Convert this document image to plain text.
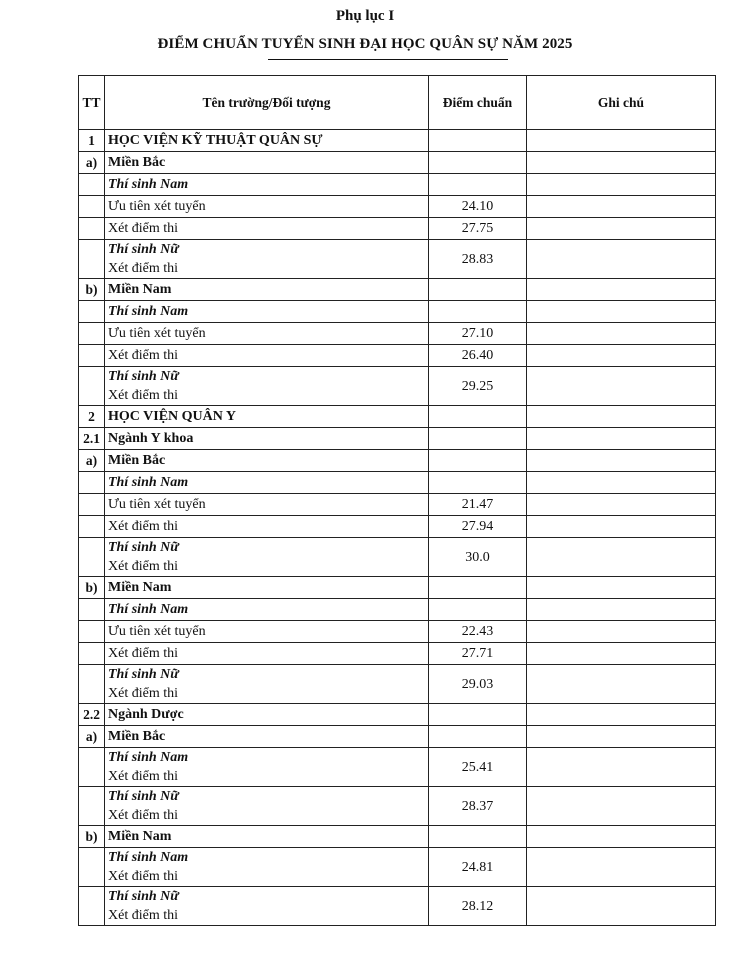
Phụ lục I
ĐIỂM CHUẨN TUYỂN SINH ĐẠI HỌC QUÂN SỰ NĂM 2025
TT	Tên trường/Đối tượng	Điểm chuẩn	Ghi chú
1	HỌC VIỆN KỸ THUẬT QUÂN SỰ		

a)	Miền Bắc		

	Thí sinh Nam		

	Ưu tiên xét tuyển	24.10	

	Xét điểm thi	27.75	

	Thí sinh Nữ
Xét điểm thi	28.83	
b)	Miền Nam		

	Thí sinh Nam		

	Ưu tiên xét tuyển	27.10	

	Xét điểm thi	26.40	

	Thí sinh Nữ
Xét điểm thi	29.25	
2	HỌC VIỆN QUÂN Y		

2.1	Ngành Y khoa		

a)	Miền Bắc		

	Thí sinh Nam		

	Ưu tiên xét tuyển	21.47	

	Xét điểm thi	27.94	

	Thí sinh Nữ
Xét điểm thi	30.0	
b)	Miền Nam		

	Thí sinh Nam		

	Ưu tiên xét tuyển	22.43	

	Xét điểm thi	27.71	

	Thí sinh Nữ
Xét điểm thi	29.03	
2.2	Ngành Dược		

a)	Miền Bắc		

	Thí sinh Nam
Xét điểm thi	25.41	

	Thí sinh Nữ
Xét điểm thi	28.37	
b)	Miền Nam		

	Thí sinh Nam
Xét điểm thi	24.81	

	Thí sinh Nữ
Xét điểm thi	28.12	
